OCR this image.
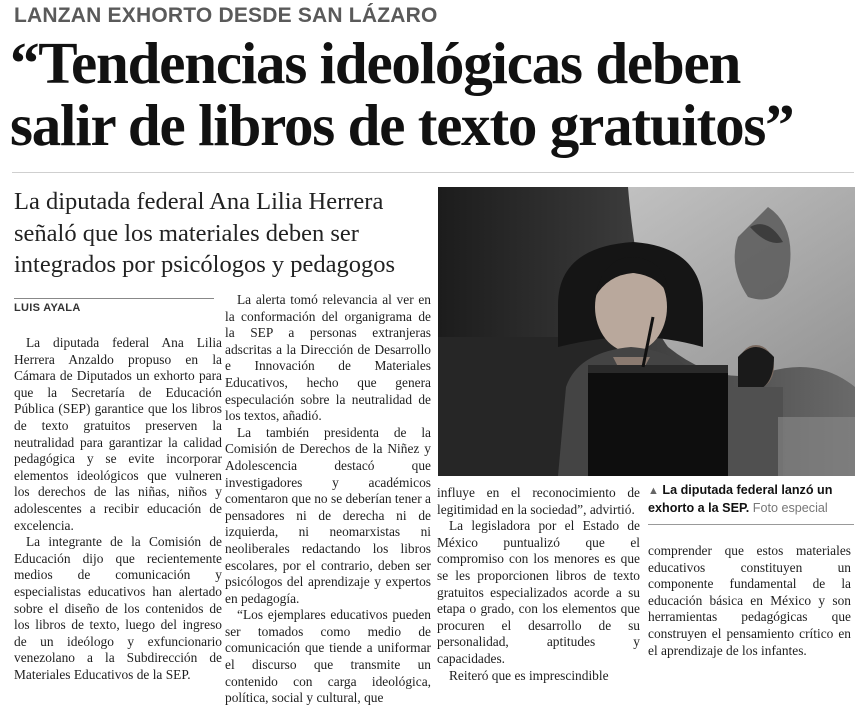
LANZAN EXHORTO DESDE SAN LÁZARO
“Tendencias ideológicas deben
salir de libros de texto gratuitos”
La diputada federal Ana Lilia Herrera
señaló que los materiales deben ser
integrados por psicólogos y pedagogos
LUIS AYALA

La diputada federal Ana Lilia Herrera Anzaldo propuso en la Cámara de Diputados un exhorto para que la Secretaría de Educación Pública (SEP) garantice que los libros de texto gratuitos preserven la neutralidad para garantizar la calidad pedagógica y se evite incorporar elementos ideológicos que vulneren los derechos de las niñas, niños y adolescentes a recibir educación de excelencia.

La integrante de la Comisión de Educación dijo que recientemente medios de comunicación y especialistas educativos han alertado sobre el diseño de los contenidos de los libros de texto, luego del ingreso de un ideólogo y exfuncionario venezolano a la Subdirección de Materiales Educativos de la SEP.

La alerta tomó relevancia al ver en la conformación del organigrama de la SEP a personas extranjeras adscritas a la Dirección de Desarrollo e Innovación de Materiales Educativos, hecho que genera especulación sobre la neutralidad de los textos, añadió.

La también presidenta de la Comisión de Derechos de la Niñez y Adolescencia destacó que investigadores y académicos comentaron que no se deberían tener a pensadores ni de derecha ni de izquierda, ni neomarxistas ni neoliberales redactando los libros escolares, por el contrario, deben ser psicólogos del aprendizaje y expertos en pedagogía.

“Los ejemplares educativos pueden ser tomados como medio de comunicación que tiende a uniformar el discurso que transmite un contenido con carga ideológica, política, social y cultural, que

▲ La diputada federal lanzó un exhorto a la SEP. Foto especial

influye en el reconocimiento de legitimidad en la sociedad”, advirtió.

La legisladora por el Estado de México puntualizó que el compromiso con los menores es que se les proporcionen libros de texto gratuitos especializados acorde a su etapa o grado, con los elementos que procuren el desarrollo de su personalidad, aptitudes y capacidades.

Reiteró que es imprescindible

comprender que estos materiales educativos constituyen un componente fundamental de la educación básica en México y son herramientas pedagógicas que construyen el pensamiento crítico en el aprendizaje de los infantes.
